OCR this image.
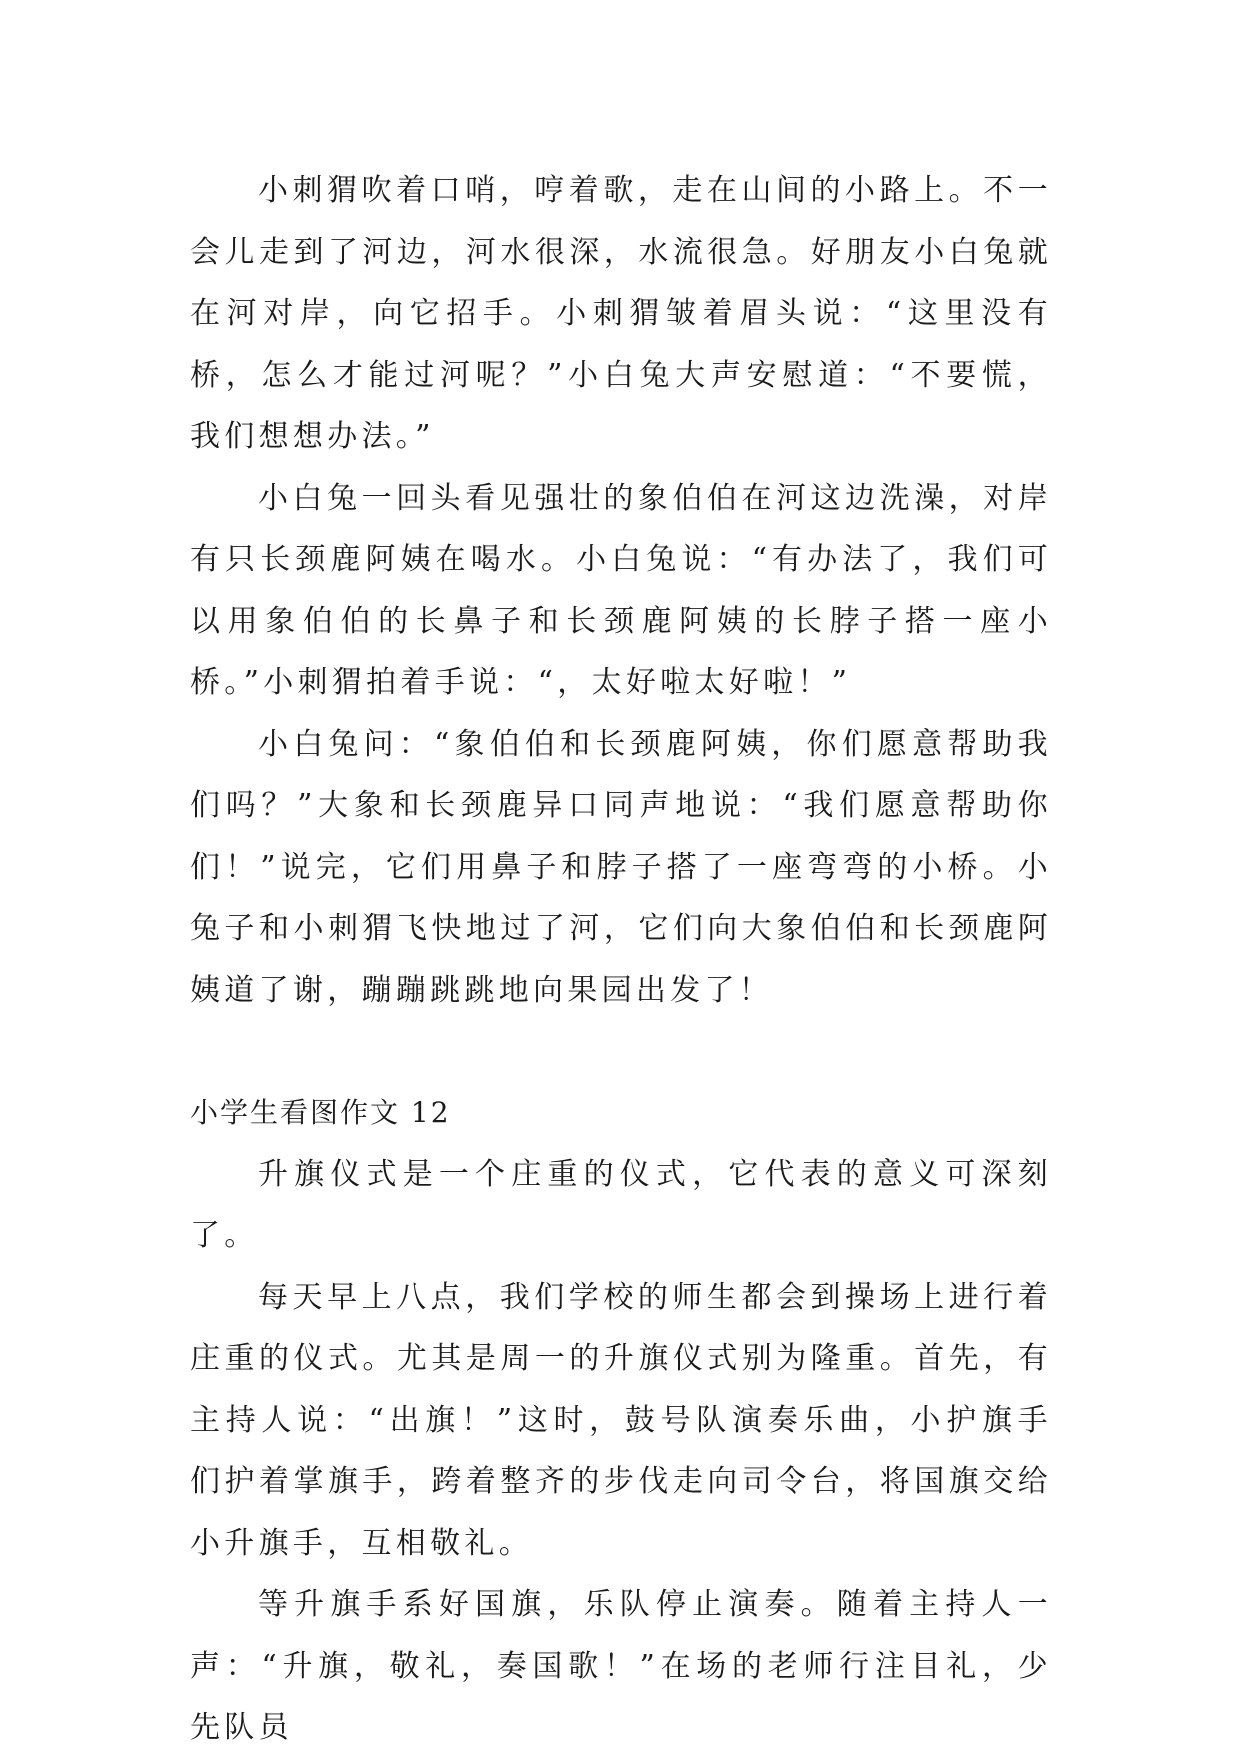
小刺猬吹着口哨，哼着歌，走在山间的小路上。不一会儿走到了河边，河水很深，水流很急。好朋友小白兔就在河对岸，向它招手。小刺猬皱着眉头说：“这里没有桥，怎么才能过河呢？”小白兔大声安慰道：“不要慌，我们想想办法。”

小白兔一回头看见强壮的象伯伯在河这边洗澡，对岸有只长颈鹿阿姨在喝水。小白兔说：“有办法了，我们可以用象伯伯的长鼻子和长颈鹿阿姨的长脖子搭一座小桥。”小刺猬拍着手说：“，太好啦太好啦！”

小白兔问：“象伯伯和长颈鹿阿姨，你们愿意帮助我们吗？”大象和长颈鹿异口同声地说：“我们愿意帮助你们！”说完，它们用鼻子和脖子搭了一座弯弯的小桥。小兔子和小刺猬飞快地过了河，它们向大象伯伯和长颈鹿阿姨道了谢，蹦蹦跳跳地向果园出发了！

小学生看图作文 12

升旗仪式是一个庄重的仪式，它代表的意义可深刻了。

每天早上八点，我们学校的师生都会到操场上进行着庄重的仪式。尤其是周一的升旗仪式别为隆重。首先，有主持人说：“出旗！”这时，鼓号队演奏乐曲，小护旗手们护着掌旗手，跨着整齐的步伐走向司令台，将国旗交给小升旗手，互相敬礼。

等升旗手系好国旗，乐队停止演奏。随着主持人一声：“升旗，敬礼，奏国歌！”在场的老师行注目礼，少先队员
